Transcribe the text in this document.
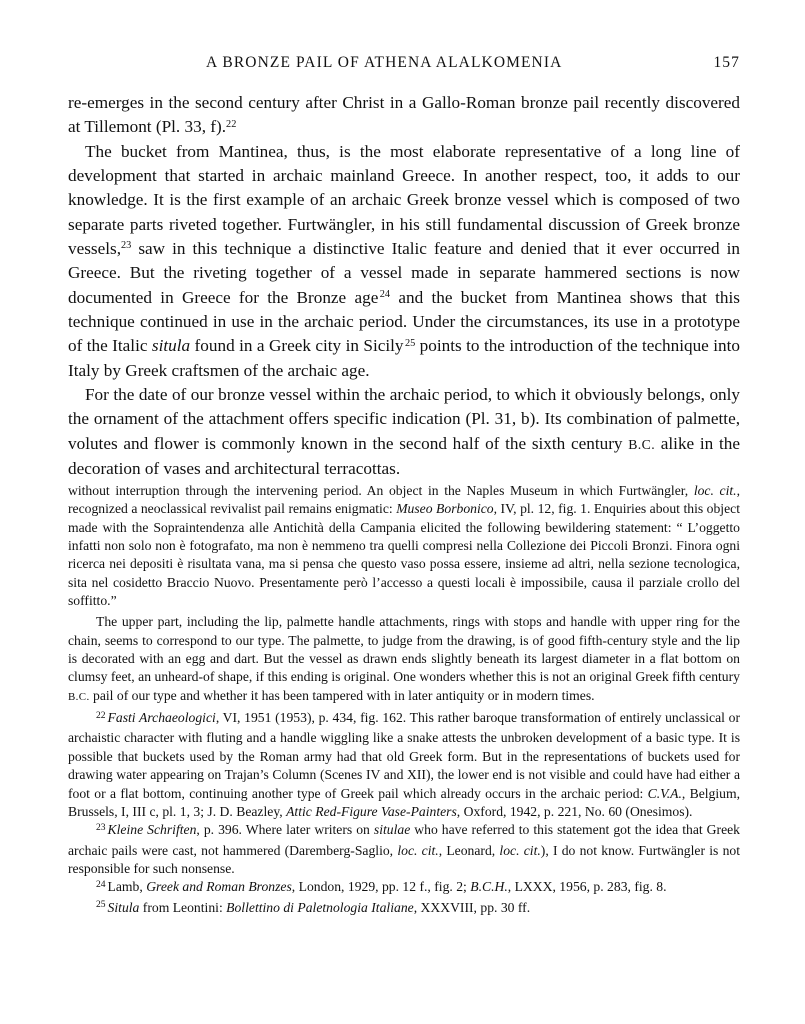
A BRONZE PAIL OF ATHENA ALALKOMENIA	157

re-emerges in the second century after Christ in a Gallo-Roman bronze pail recently discovered at Tillemont (Pl. 33, f).$^{22}$

The bucket from Mantinea, thus, is the most elaborate representative of a long line of development that started in archaic mainland Greece. In another respect, too, it adds to our knowledge. It is the first example of an archaic Greek bronze vessel which is composed of two separate parts riveted together. Furtwängler, in his still fundamental discussion of Greek bronze vessels,$^{23}$ saw in this technique a distinctive Italic feature and denied that it ever occurred in Greece. But the riveting together of a vessel made in separate hammered sections is now documented in Greece for the Bronze age $^{24}$ and the bucket from Mantinea shows that this technique continued in use in the archaic period. Under the circumstances, its use in a prototype of the Italic situla found in a Greek city in Sicily $^{25}$ points to the introduction of the technique into Italy by Greek craftsmen of the archaic age.

For the date of our bronze vessel within the archaic period, to which it obviously belongs, only the ornament of the attachment offers specific indication (Pl. 31, b). Its combination of palmette, volutes and flower is commonly known in the second half of the sixth century B.C. alike in the decoration of vases and architectural terracottas.

without interruption through the intervening period. An object in the Naples Museum in which Furtwängler, loc. cit., recognized a neoclassical revivalist pail remains enigmatic: Museo Borbonico, IV, pl. 12, fig. 1. Enquiries about this object made with the Sopraintendenza alle Antichità della Campania elicited the following bewildering statement: “ L’oggetto infatti non solo non è fotografato, ma non è nemmeno tra quelli compresi nella Collezione dei Piccoli Bronzi. Finora ogni ricerca nei depositi è risultata vana, ma si pensa che questo vaso possa essere, insieme ad altri, nella sezione tecnologica, sita nel cosidetto Braccio Nuovo. Presentamente però l’accesso a questi locali è impossibile, causa il parziale crollo del soffitto.”

The upper part, including the lip, palmette handle attachments, rings with stops and handle with upper ring for the chain, seems to correspond to our type. The palmette, to judge from the drawing, is of good fifth-century style and the lip is decorated with an egg and dart. But the vessel as drawn ends slightly beneath its largest diameter in a flat bottom on clumsy feet, an unheard-of shape, if this ending is original. One wonders whether this is not an original Greek fifth century B.C. pail of our type and whether it has been tampered with in later antiquity or in modern times.

$^{22}$ Fasti Archaeologici, VI, 1951 (1953), p. 434, fig. 162. This rather baroque transformation of entirely unclassical or archaistic character with fluting and a handle wiggling like a snake attests the unbroken development of a basic type. It is possible that buckets used by the Roman army had that old Greek form. But in the representations of buckets used for drawing water appearing on Trajan’s Column (Scenes IV and XII), the lower end is not visible and could have had either a foot or a flat bottom, continuing another type of Greek pail which already occurs in the archaic period: C.V.A., Belgium, Brussels, I, III c, pl. 1, 3; J. D. Beazley, Attic Red-Figure Vase-Painters, Oxford, 1942, p. 221, No. 60 (Onesimos).

$^{23}$ Kleine Schriften, p. 396. Where later writers on situlae who have referred to this statement got the idea that Greek archaic pails were cast, not hammered (Daremberg-Saglio, loc. cit., Leonard, loc. cit.), I do not know. Furtwängler is not responsible for such nonsense.

$^{24}$ Lamb, Greek and Roman Bronzes, London, 1929, pp. 12 f., fig. 2; B.C.H., LXXX, 1956, p. 283, fig. 8.

$^{25}$ Situla from Leontini: Bollettino di Paletnologia Italiane, XXXVIII, pp. 30 ff.
